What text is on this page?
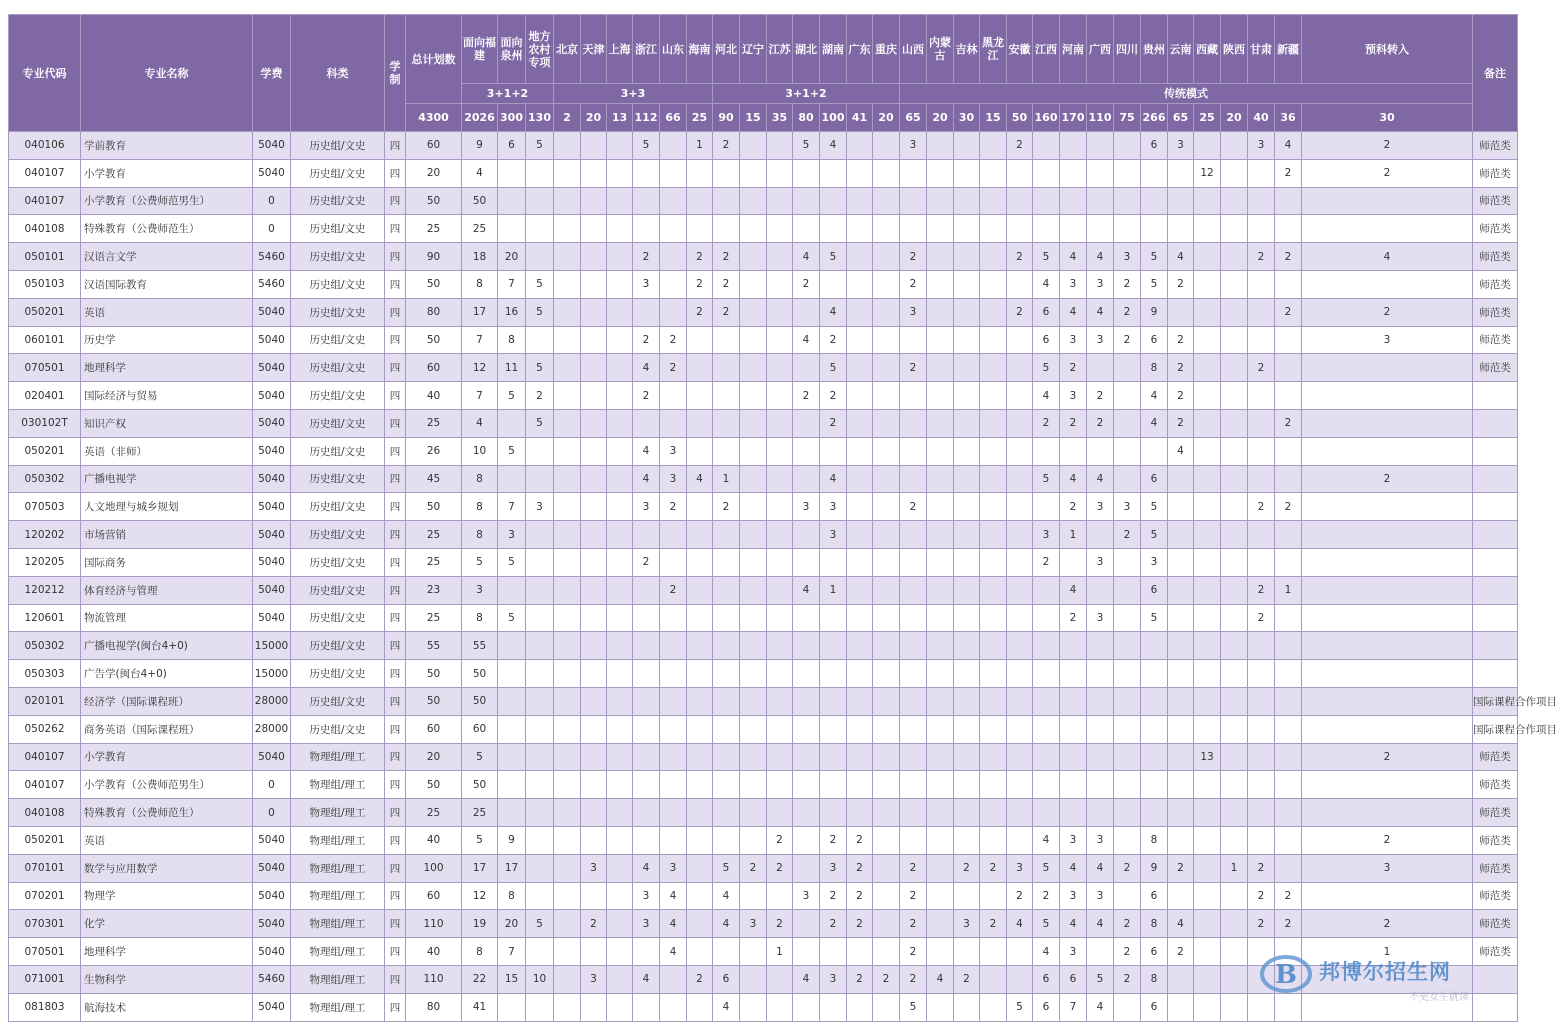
专业代码	专业名称	学费	科类	学制	总计划数	面向福建	面向泉州	地方农村专项	北京	天津	上海	浙江	山东	海南	河北	辽宁	江苏	湖北	湖南	广东	重庆	山西	内蒙古	吉林	黑龙江	安徽	江西	河南	广西	四川	贵州	云南	西藏	陕西	甘肃	新疆	预科转入	备注
						3+1+2			3+3						3+1+2							传统模式																
					4300	2026	300	130	2	20	13	112	66	25	90	15	35	80	100	41	20	65	20	30	15	50	160	170	110	75	266	65	25	20	40	36	30	
040106	学前教育	5040	历史组/文史	四	60	9	6	5				5		1	2			5	4			3				2					6	3			3	4	2	师范类
040107	小学教育	5040	历史组/文史	四	20	4																											12			2	2	师范类
040107	小学教育（公费师范男生）	0	历史组/文史	四	50	50																																师范类
040108	特殊教育（公费师范生）	0	历史组/文史	四	25	25																																师范类
050101	汉语言文学	5460	历史组/文史	四	90	18	20					2		2	2			4	5			2				2	5	4	4	3	5	4			2	2	4	师范类
050103	汉语国际教育	5460	历史组/文史	四	50	8	7	5				3		2	2			2				2					4	3	3	2	5	2						师范类
050201	英语	5040	历史组/文史	四	80	17	16	5						2	2				4			3				2	6	4	4	2	9					2	2	师范类
060101	历史学	5040	历史组/文史	四	50	7	8					2	2					4	2								6	3	3	2	6	2					3	师范类
070501	地理科学	5040	历史组/文史	四	60	12	11	5				4	2						5			2					5	2			8	2			2			师范类
020401	国际经济与贸易	5040	历史组/文史	四	40	7	5	2				2						2	2								4	3	2		4	2						
030102T	知识产权	5040	历史组/文史	四	25	4		5											2								2	2	2		4	2				2		
050201	英语（非师）	5040	历史组/文史	四	26	10	5					4	3																			4						
050302	广播电视学	5040	历史组/文史	四	45	8						4	3	4	1				4								5	4	4		6						2	
070503	人文地理与城乡规划	5040	历史组/文史	四	50	8	7	3				3	2		2			3	3			2						2	3	3	5				2	2		
120202	市场营销	5040	历史组/文史	四	25	8	3												3								3	1		2	5							
120205	国际商务	5040	历史组/文史	四	25	5	5					2															2		3		3							
120212	体育经济与管理	5040	历史组/文史	四	23	3							2					4	1									4			6				2	1		
120601	物流管理	5040	历史组/文史	四	25	8	5																					2	3		5				2			
050302	广播电视学(闽台4+0)	15000	历史组/文史	四	55	55																																
050303	广告学(闽台4+0)	15000	历史组/文史	四	50	50																																
020101	经济学（国际课程班）	28000	历史组/文史	四	50	50																																国际课程合作项目
050262	商务英语（国际课程班）	28000	历史组/文史	四	60	60																																国际课程合作项目
040107	小学教育	5040	物理组/理工	四	20	5																											13				2	师范类
040107	小学教育（公费师范男生）	0	物理组/理工	四	50	50																																师范类
040108	特殊教育（公费师范生）	0	物理组/理工	四	25	25																																师范类
050201	英语	5040	物理组/理工	四	40	5	9										2		2	2							4	3	3		8						2	师范类
070101	数学与应用数学	5040	物理组/理工	四	100	17	17			3		4	3		5	2	2		3	2		2		2	2	3	5	4	4	2	9	2		1	2		3	师范类
070201	物理学	5040	物理组/理工	四	60	12	8					3	4		4			3	2	2		2				2	2	3	3		6				2	2		师范类
070301	化学	5040	物理组/理工	四	110	19	20	5		2		3	4		4	3	2		2	2		2		3	2	4	5	4	4	2	8	4			2	2	2	师范类
070501	地理科学	5040	物理组/理工	四	40	8	7						4				1					2					4	3		2	6	2					1	师范类
071001	生物科学	5460	物理组/理工	四	110	22	15	10		3		4		2	6			4	3	2	2	2	4	2			6	6	5	2	8							
081803	航海技术	5040	物理组/理工	四	80	41									4							5				5	6	7	4		6							
B 邦博尔招生网
不更女生就读
